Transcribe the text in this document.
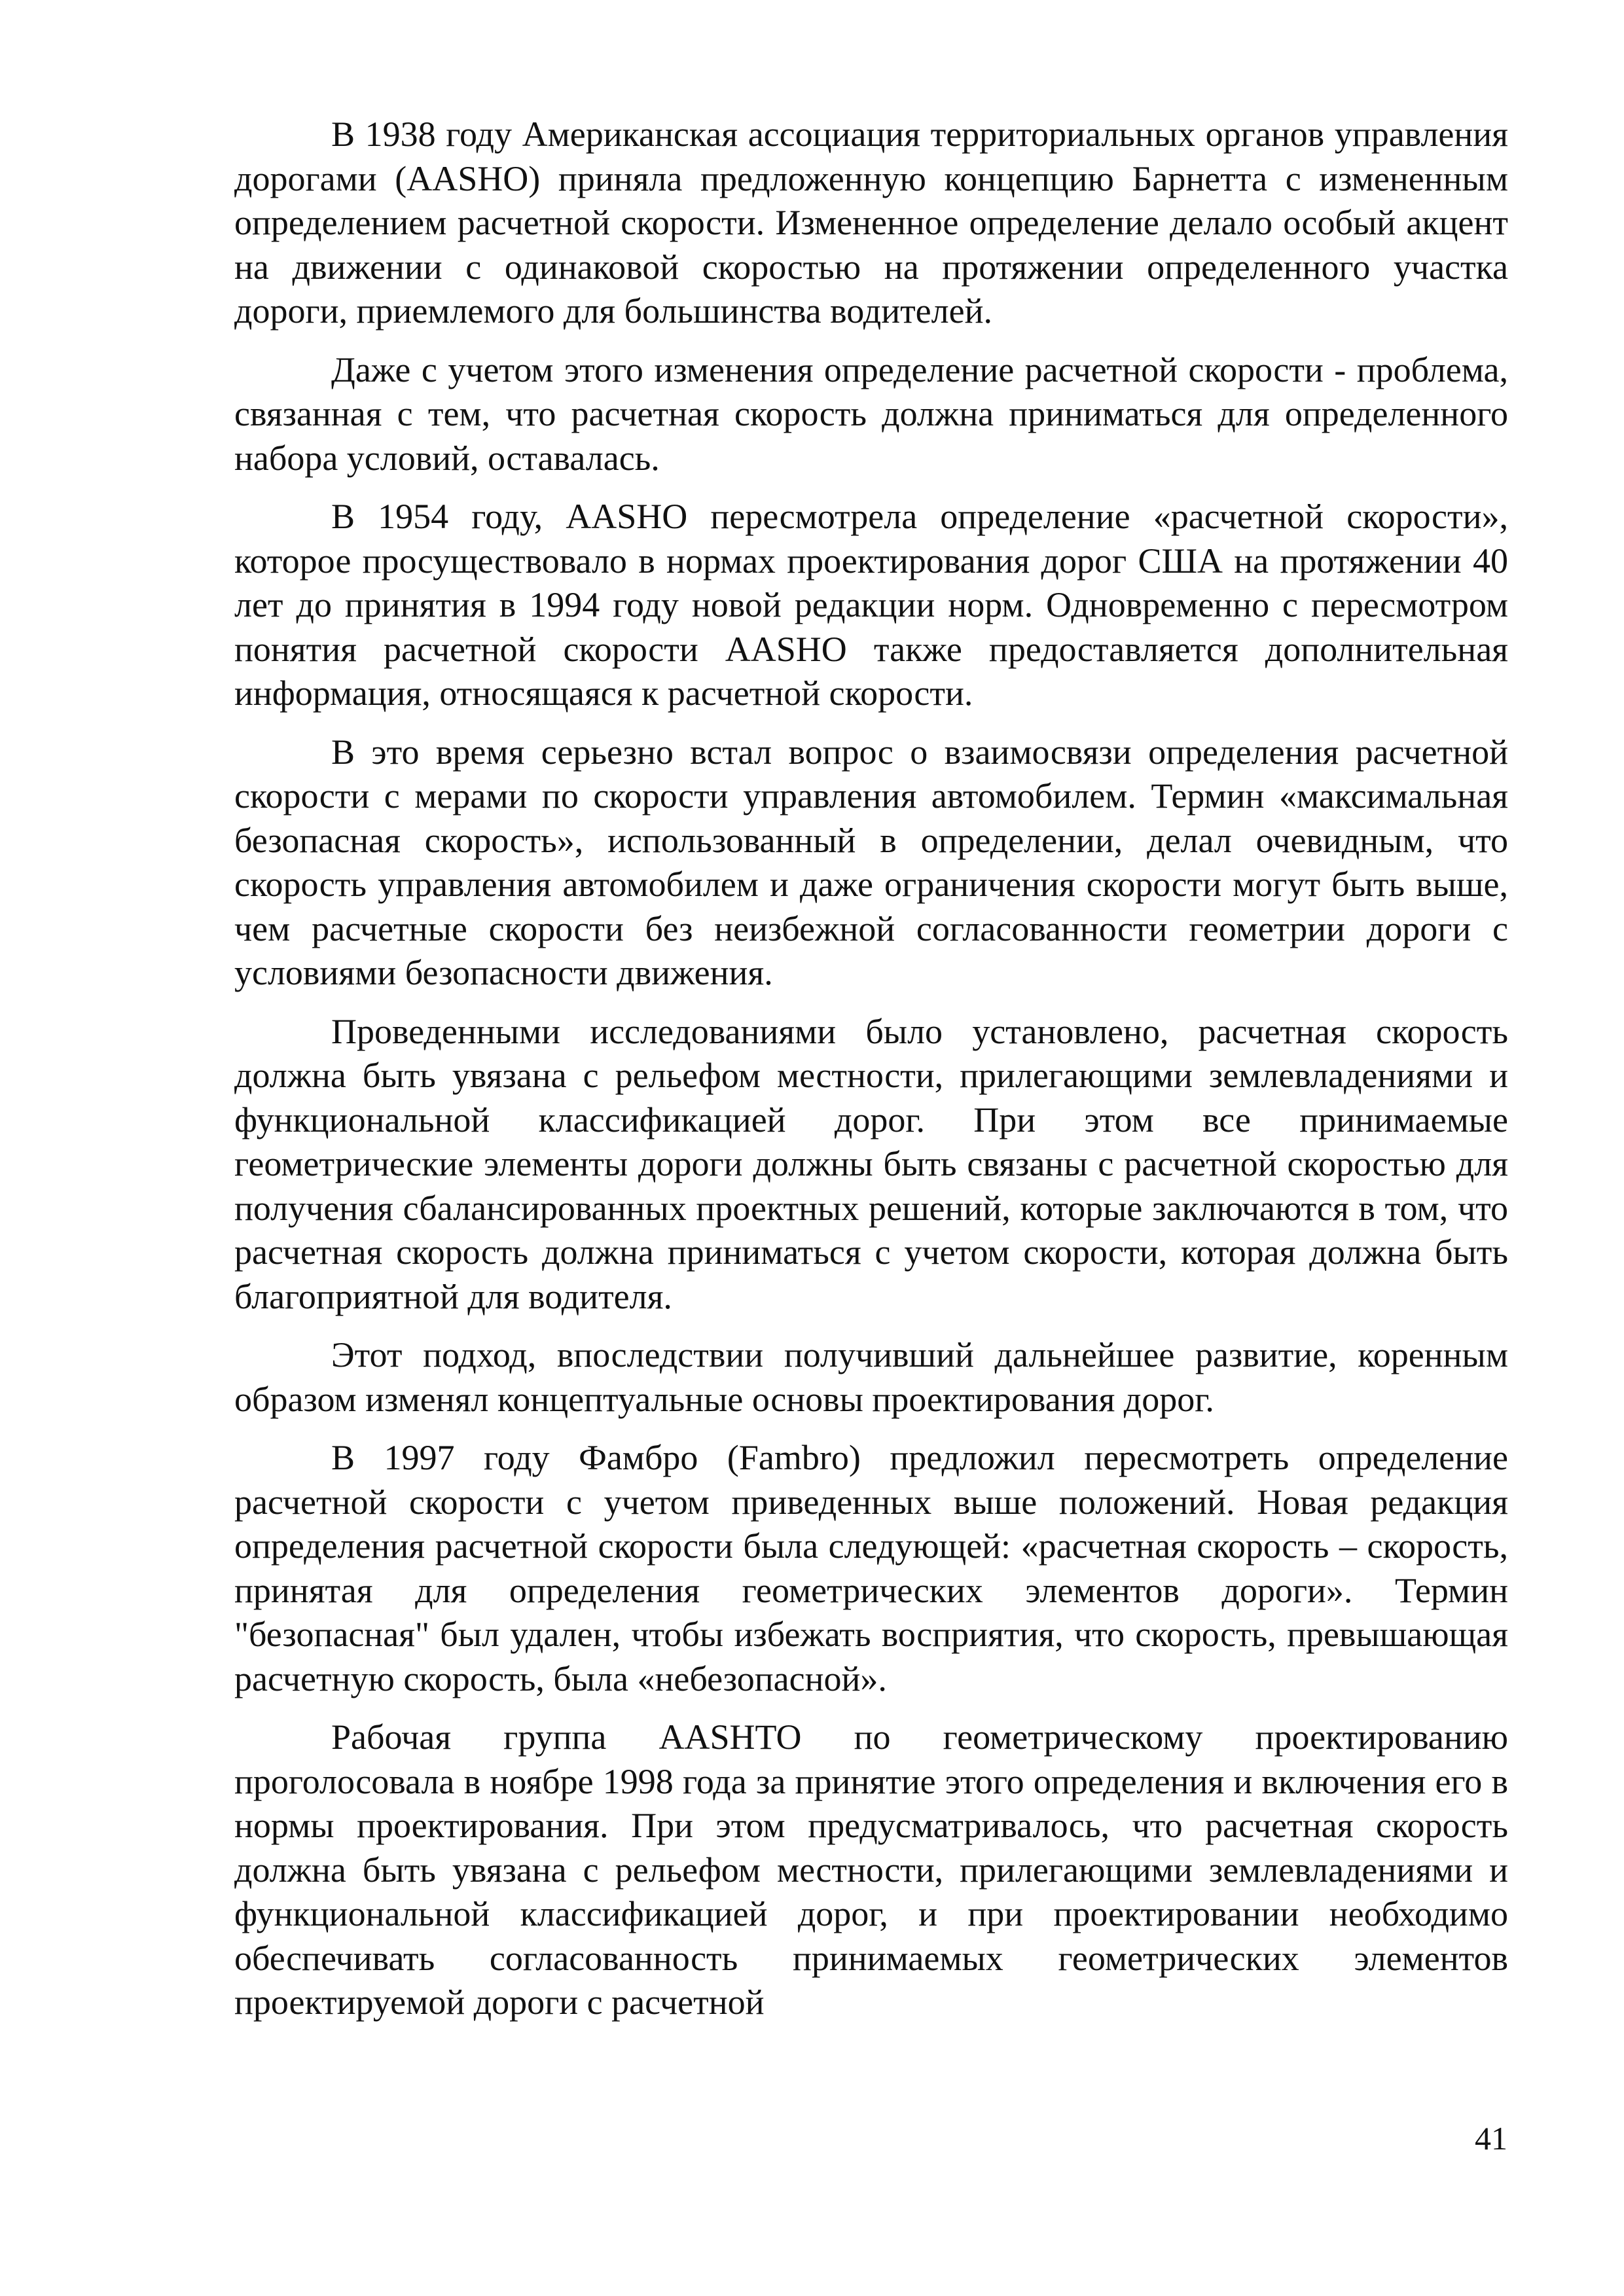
В 1938 году Американская ассоциация территориальных органов управления дорогами (AASHO) приняла предложенную концепцию Барнетта с измененным определением расчетной скорости. Измененное определение делало особый акцент на движении с одинаковой скоростью на протяжении определенного участка дороги, приемлемого для большинства водителей.

Даже с учетом этого изменения определение расчетной скорости - проблема, связанная с тем, что расчетная скорость должна приниматься для определенного набора условий, оставалась.

В 1954 году, AASHO пересмотрела определение «расчетной скорости», которое просуществовало в нормах проектирования дорог США на протяжении 40 лет до принятия в 1994 году новой редакции норм. Одновременно с пересмотром понятия расчетной скорости AASHO также предоставляется дополнительная информация, относящаяся к расчетной скорости.

В это время серьезно встал вопрос о взаимосвязи определения расчетной скорости с мерами по скорости управления автомобилем. Термин «максимальная безопасная скорость», использованный в определении, делал очевидным, что скорость управления автомобилем и даже ограничения скорости могут быть выше, чем расчетные скорости без неизбежной согласованности геометрии дороги с условиями безопасности движения.

Проведенными исследованиями было установлено, расчетная скорость должна быть увязана с рельефом местности, прилегающими землевладениями и функциональной классификацией дорог. При этом все принимаемые геометрические элементы дороги должны быть связаны с расчетной скоростью для получения сбалансированных проектных решений, которые заключаются в том, что расчетная скорость должна приниматься с учетом скорости, которая должна быть благоприятной для водителя.

Этот подход, впоследствии получивший дальнейшее развитие, коренным образом изменял концептуальные основы проектирования дорог.

В 1997 году Фамбро (Fambro) предложил пересмотреть определение расчетной скорости с учетом приведенных выше положений. Новая редакция определения расчетной скорости была следующей: «расчетная скорость – скорость, принятая для определения геометрических элементов дороги». Термин "безопасная" был удален, чтобы избежать восприятия, что скорость, превышающая расчетную скорость, была «небезопасной».

Рабочая группа AASHTO по геометрическому проектированию проголосовала в ноябре 1998 года за принятие этого определения и включения его в нормы проектирования. При этом предусматривалось, что расчетная скорость должна быть увязана с рельефом местности, прилегающими землевладениями и функциональной классификацией дорог, и при проектировании необходимо обеспечивать согласованность принимаемых геометрических элементов проектируемой дороги с расчетной

41
